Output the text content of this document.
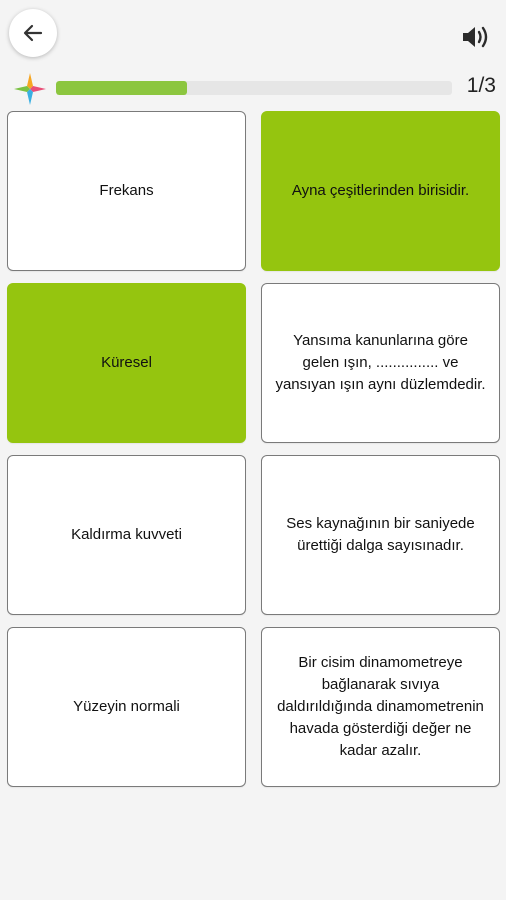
1/3
Frekans	Ayna çeşitlerinden birisidir.
Küresel
Yansıma kanunlarına göre gelen ışın, ............... ve yansıyan ışın aynı düzlemdedir.
Kaldırma kuvveti
Ses kaynağının bir saniyede ürettiği dalga sayısınadır.
Yüzeyin normali
Bir cisim dinamometreye bağlanarak sıvıya daldırıldığında dinamometrenin havada gösterdiği değer ne kadar azalır.
